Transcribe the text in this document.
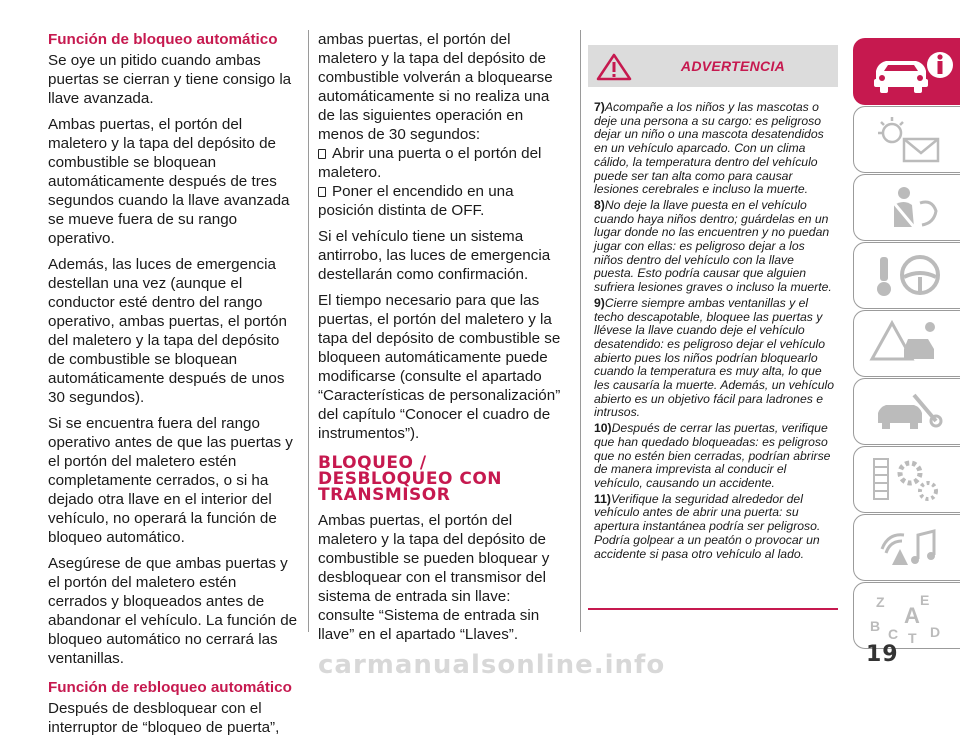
Función de bloqueo automático

Se oye un pitido cuando ambas puertas se cierran y tiene consigo la llave avanzada.

Ambas puertas, el portón del maletero y la tapa del depósito de combustible se bloquean automáticamente después de tres segundos cuando la llave avanzada se mueve fuera de su rango operativo.

Además, las luces de emergencia destellan una vez (aunque el conductor esté dentro del rango operativo, ambas puertas, el portón del maletero y la tapa del depósito de combustible se bloquean automáticamente después de unos 30 segundos).

Si se encuentra fuera del rango operativo antes de que las puertas y el portón del maletero estén completamente cerrados, o si ha dejado otra llave en el interior del vehículo, no operará la función de bloqueo automático.

Asegúrese de que ambas puertas y el portón del maletero estén cerrados y bloqueados antes de abandonar el vehículo. La función de bloqueo automático no cerrará las ventanillas.

Función de rebloqueo automático

Después de desbloquear con el interruptor de “bloqueo de puerta”,

ambas puertas, el portón del maletero y la tapa del depósito de combustible volverán a bloquearse automáticamente si no realiza una de las siguientes operación en menos de 30 segundos:

Abrir una puerta o el portón del maletero.
Poner el encendido en una posición distinta de OFF.

Si el vehículo tiene un sistema antirrobo, las luces de emergencia destellarán como confirmación.

El tiempo necesario para que las puertas, el portón del maletero y la tapa del depósito de combustible se bloqueen automáticamente puede modificarse (consulte el apartado “Características de personalización” del capítulo “Conocer el cuadro de instrumentos”).

BLOQUEO /
DESBLOQUEO CON
TRANSMISOR

Ambas puertas, el portón del maletero y la tapa del depósito de combustible se pueden bloquear y desbloquear con el transmisor del sistema de entrada sin llave: consulte “Sistema de entrada sin llave” en el apartado “Llaves”.

ADVERTENCIA

7)Acompañe a los niños y las mascotas o deje una persona a su cargo: es peligroso dejar un niño o una mascota desatendidos en un vehículo aparcado. Con un clima cálido, la temperatura dentro del vehículo puede ser tan alta como para causar lesiones cerebrales e incluso la muerte.

8)No deje la llave puesta en el vehículo cuando haya niños dentro; guárdelas en un lugar donde no las encuentren y no puedan jugar con ellas: es peligroso dejar a los niños dentro del vehículo con la llave puesta. Esto podría causar que alguien sufriera lesiones graves o incluso la muerte.

9)Cierre siempre ambas ventanillas y el techo descapotable, bloquee las puertas y llévese la llave cuando deje el vehículo desatendido: es peligroso dejar el vehículo abierto pues los niños podrían bloquearlo cuando la temperatura es muy alta, lo que les causaría la muerte. Además, un vehículo abierto es un objetivo fácil para ladrones e intrusos.

10)Después de cerrar las puertas, verifique que han quedado bloqueadas: es peligroso que no estén bien cerradas, podrían abrirse de manera imprevista al conducir el vehículo, causando un accidente.

11)Verifique la seguridad alrededor del vehículo antes de abrir una puerta: su apertura instantánea podría ser peligroso. Podría golpear a un peatón o provocar un accidente si pasa otro vehículo al lado.

Z	E
A
B C T D
19
carmanualsonline.info
